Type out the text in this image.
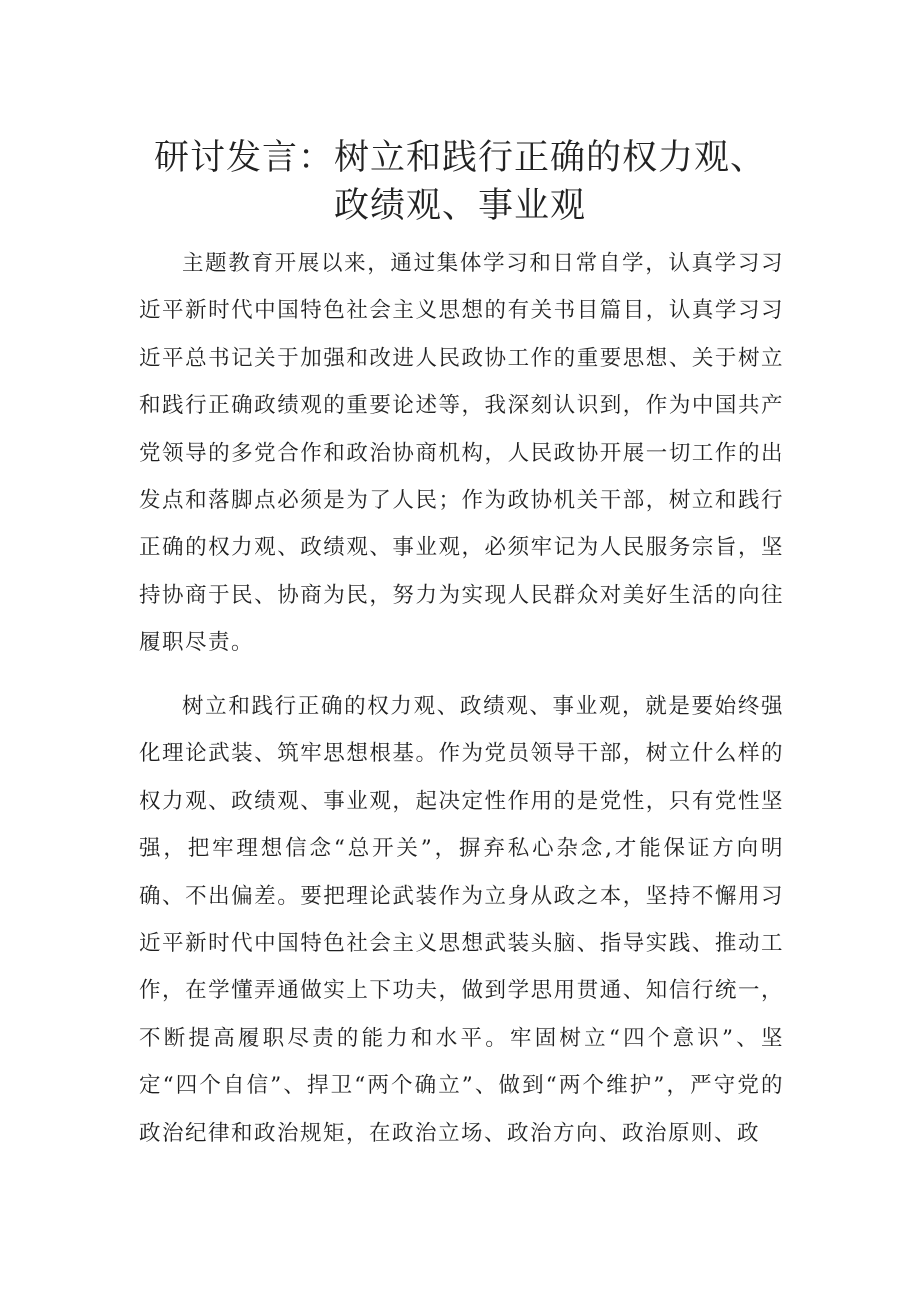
研讨发言：树立和践行正确的权力观、
政绩观、事业观

主题教育开展以来，通过集体学习和日常自学，认真学习习近平新时代中国特色社会主义思想的有关书目篇目，认真学习习近平总书记关于加强和改进人民政协工作的重要思想、关于树立和践行正确政绩观的重要论述等，我深刻认识到，作为中国共产党领导的多党合作和政治协商机构，人民政协开展一切工作的出发点和落脚点必须是为了人民；作为政协机关干部，树立和践行正确的权力观、政绩观、事业观，必须牢记为人民服务宗旨，坚持协商于民、协商为民，努力为实现人民群众对美好生活的向往履职尽责。

树立和践行正确的权力观、政绩观、事业观，就是要始终强化理论武装、筑牢思想根基。作为党员领导干部，树立什么样的权力观、政绩观、事业观，起决定性作用的是党性，只有党性坚强，把牢理想信念“总开关”，摒弃私心杂念,才能保证方向明确、不出偏差。要把理论武装作为立身从政之本，坚持不懈用习近平新时代中国特色社会主义思想武装头脑、指导实践、推动工作，在学懂弄通做实上下功夫，做到学思用贯通、知信行统一，不断提高履职尽责的能力和水平。牢固树立“四个意识”、坚定“四个自信”、捍卫“两个确立”、做到“两个维护”，严守党的政治纪律和政治规矩，在政治立场、政治方向、政治原则、政
